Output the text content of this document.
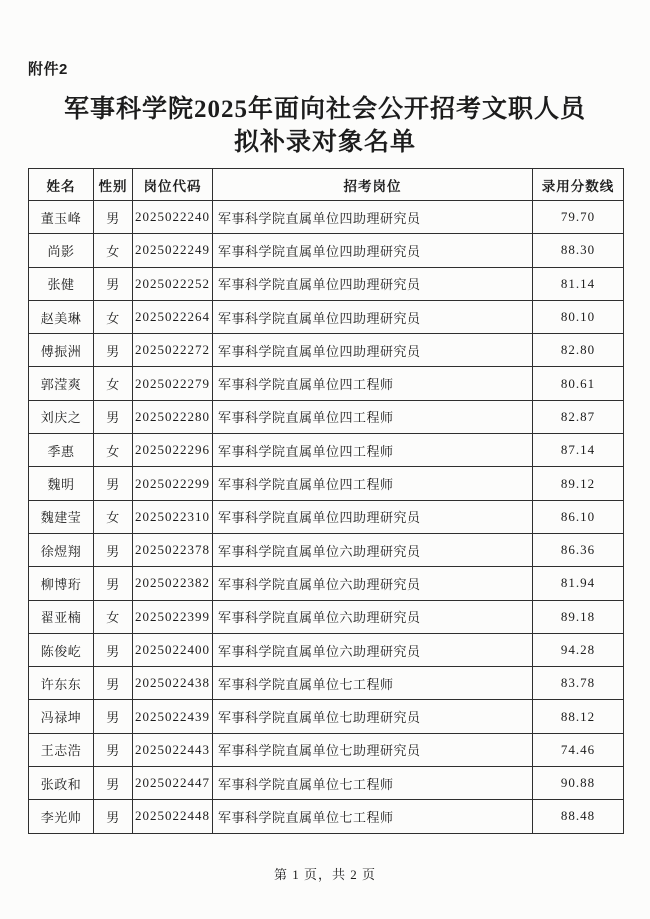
附件2
军事科学院2025年面向社会公开招考文职人员
拟补录对象名单
姓名	性别	岗位代码	招考岗位	录用分数线
董玉峰	男	2025022240	军事科学院直属单位四助理研究员	79.70
尚影	女	2025022249	军事科学院直属单位四助理研究员	88.30
张健	男	2025022252	军事科学院直属单位四助理研究员	81.14
赵美琳	女	2025022264	军事科学院直属单位四助理研究员	80.10
傅振洲	男	2025022272	军事科学院直属单位四助理研究员	82.80
郭滢爽	女	2025022279	军事科学院直属单位四工程师	80.61
刘庆之	男	2025022280	军事科学院直属单位四工程师	82.87
季惠	女	2025022296	军事科学院直属单位四工程师	87.14
魏明	男	2025022299	军事科学院直属单位四工程师	89.12
魏建莹	女	2025022310	军事科学院直属单位四助理研究员	86.10
徐煜翔	男	2025022378	军事科学院直属单位六助理研究员	86.36
柳博珩	男	2025022382	军事科学院直属单位六助理研究员	81.94
翟亚楠	女	2025022399	军事科学院直属单位六助理研究员	89.18
陈俊屹	男	2025022400	军事科学院直属单位六助理研究员	94.28
许东东	男	2025022438	军事科学院直属单位七工程师	83.78
冯禄坤	男	2025022439	军事科学院直属单位七助理研究员	88.12
王志浩	男	2025022443	军事科学院直属单位七助理研究员	74.46
张政和	男	2025022447	军事科学院直属单位七工程师	90.88
李光帅	男	2025022448	军事科学院直属单位七工程师	88.48
第 1 页，共 2 页
